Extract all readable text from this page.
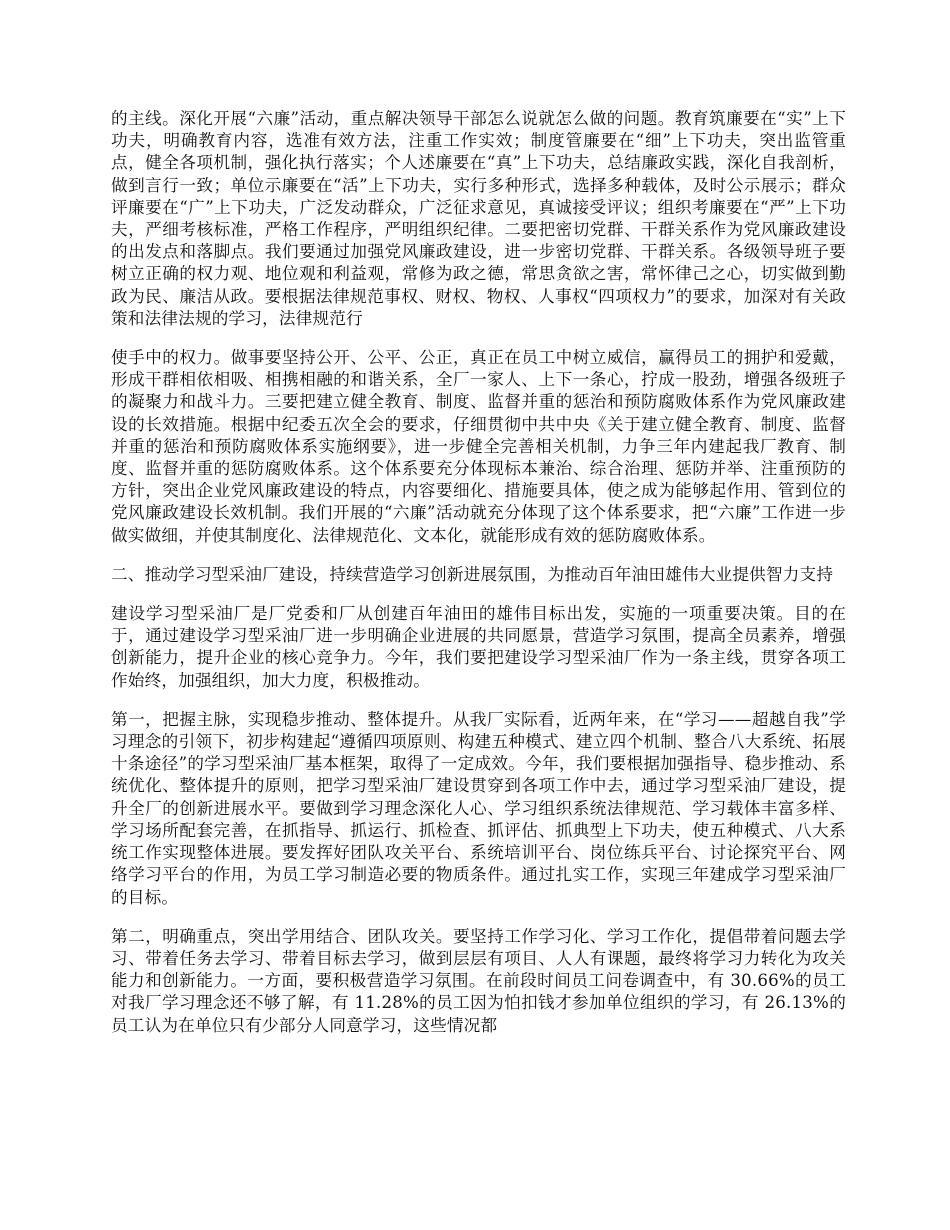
的主线。深化开展“六廉”活动，重点解决领导干部怎么说就怎么做的问题。教育筑廉要在“实”上下功夫，明确教育内容，选准有效方法，注重工作实效；制度管廉要在“细”上下功夫，突出监管重点，健全各项机制，强化执行落实；个人述廉要在“真”上下功夫，总结廉政实践，深化自我剖析，做到言行一致；单位示廉要在“活”上下功夫，实行多种形式，选择多种载体，及时公示展示；群众评廉要在“广”上下功夫，广泛发动群众，广泛征求意见，真诚接受评议；组织考廉要在“严”上下功夫，严细考核标准，严格工作程序，严明组织纪律。二要把密切党群、干群关系作为党风廉政建设的出发点和落脚点。我们要通过加强党风廉政建设，进一步密切党群、干群关系。各级领导班子要树立正确的权力观、地位观和利益观，常修为政之德，常思贪欲之害，常怀律己之心，切实做到勤政为民、廉洁从政。要根据法律规范事权、财权、物权、人事权“四项权力”的要求，加深对有关政策和法律法规的学习，法律规范行

使手中的权力。做事要坚持公开、公平、公正，真正在员工中树立威信，赢得员工的拥护和爱戴，形成干群相依相吸、相携相融的和谐关系，全厂一家人、上下一条心，拧成一股劲，增强各级班子的凝聚力和战斗力。三要把建立健全教育、制度、监督并重的惩治和预防腐败体系作为党风廉政建设的长效措施。根据中纪委五次全会的要求，仔细贯彻中共中央《关于建立健全教育、制度、监督并重的惩治和预防腐败体系实施纲要》，进一步健全完善相关机制，力争三年内建起我厂教育、制度、监督并重的惩防腐败体系。这个体系要充分体现标本兼治、综合治理、惩防并举、注重预防的方针，突出企业党风廉政建设的特点，内容要细化、措施要具体，使之成为能够起作用、管到位的党风廉政建设长效机制。我们开展的“六廉”活动就充分体现了这个体系要求，把“六廉”工作进一步做实做细，并使其制度化、法律规范化、文本化，就能形成有效的惩防腐败体系。

二、推动学习型采油厂建设，持续营造学习创新进展氛围，为推动百年油田雄伟大业提供智力支持

建设学习型采油厂是厂党委和厂从创建百年油田的雄伟目标出发，实施的一项重要决策。目的在于，通过建设学习型采油厂进一步明确企业进展的共同愿景，营造学习氛围，提高全员素养，增强创新能力，提升企业的核心竞争力。今年，我们要把建设学习型采油厂作为一条主线，贯穿各项工作始终，加强组织，加大力度，积极推动。

第一，把握主脉，实现稳步推动、整体提升。从我厂实际看，近两年来，在“学习——超越自我”学习理念的引领下，初步构建起“遵循四项原则、构建五种模式、建立四个机制、整合八大系统、拓展十条途径”的学习型采油厂基本框架，取得了一定成效。今年，我们要根据加强指导、稳步推动、系统优化、整体提升的原则，把学习型采油厂建设贯穿到各项工作中去，通过学习型采油厂建设，提升全厂的创新进展水平。要做到学习理念深化人心、学习组织系统法律规范、学习载体丰富多样、学习场所配套完善，在抓指导、抓运行、抓检查、抓评估、抓典型上下功夫，使五种模式、八大系统工作实现整体进展。要发挥好团队攻关平台、系统培训平台、岗位练兵平台、讨论探究平台、网络学习平台的作用，为员工学习制造必要的物质条件。通过扎实工作，实现三年建成学习型采油厂的目标。

第二，明确重点，突出学用结合、团队攻关。要坚持工作学习化、学习工作化，提倡带着问题去学习、带着任务去学习、带着目标去学习，做到层层有项目、人人有课题，最终将学习力转化为攻关能力和创新能力。一方面，要积极营造学习氛围。在前段时间员工问卷调查中，有 30.66%的员工对我厂学习理念还不够了解，有 11.28%的员工因为怕扣钱才参加单位组织的学习，有 26.13%的员工认为在单位只有少部分人同意学习，这些情况都
